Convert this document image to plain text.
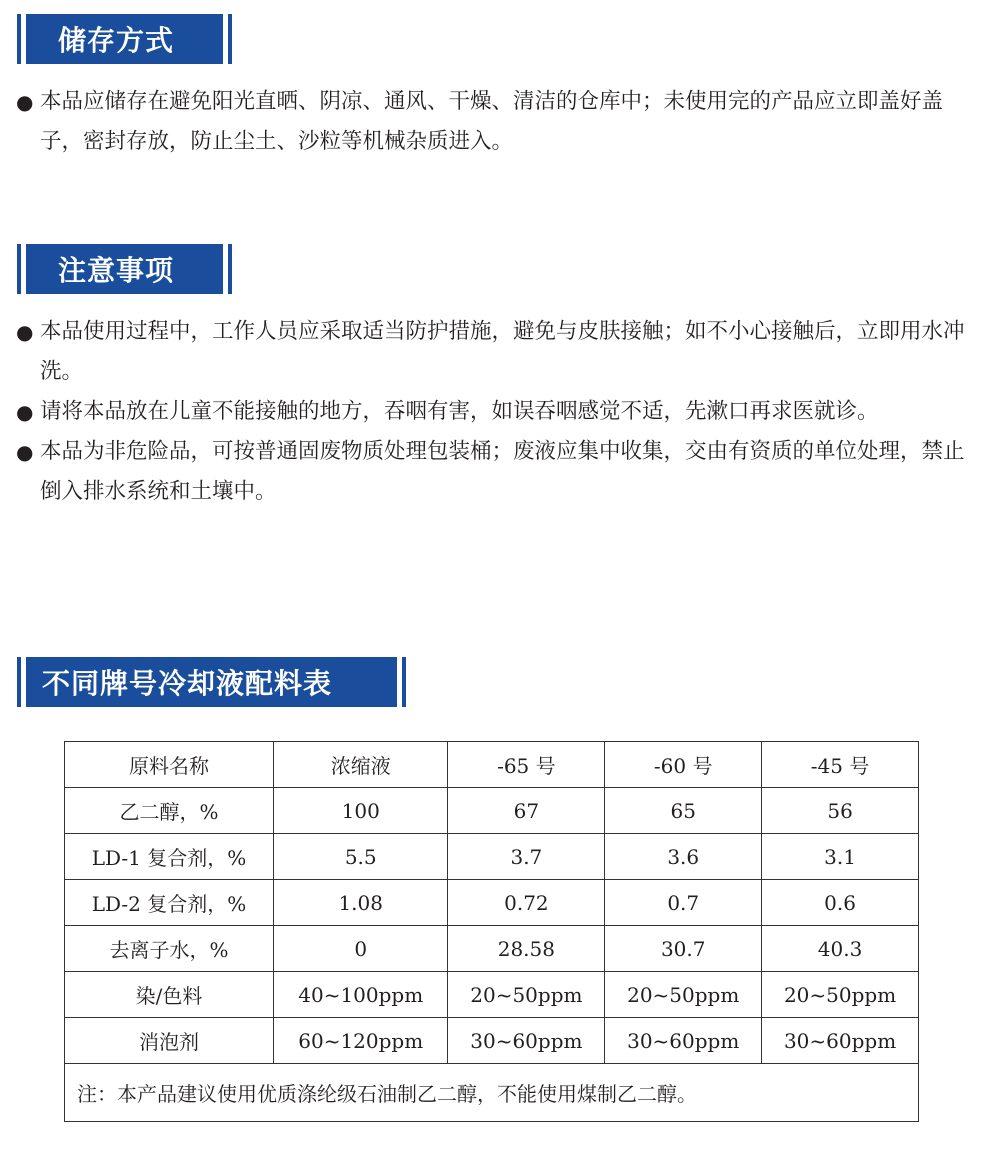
储存方式
● 本品应储存在避免阳光直晒、阴凉、通风、干燥、清洁的仓库中；未使用完的产品应立即盖好盖子，密封存放，防止尘土、沙粒等机械杂质进入。
注意事项
● 本品使用过程中，工作人员应采取适当防护措施，避免与皮肤接触；如不小心接触后，立即用水冲洗。
● 请将本品放在儿童不能接触的地方，吞咽有害，如误吞咽感觉不适，先漱口再求医就诊。
● 本品为非危险品，可按普通固废物质处理包装桶；废液应集中收集，交由有资质的单位处理，禁止倒入排水系统和土壤中。
不同牌号冷却液配料表
原料名称	浓缩液	-65 号	-60 号	-45 号
乙二醇，%	100	67	65	56
LD-1 复合剂，%	5.5	3.7	3.6	3.1
LD-2 复合剂，%	1.08	0.72	0.7	0.6
去离子水，%	0	28.58	30.7	40.3
染/色料	40~100ppm	20~50ppm	20~50ppm	20~50ppm
消泡剂	60~120ppm	30~60ppm	30~60ppm	30~60ppm
注：本产品建议使用优质涤纶级石油制乙二醇，不能使用煤制乙二醇。				
